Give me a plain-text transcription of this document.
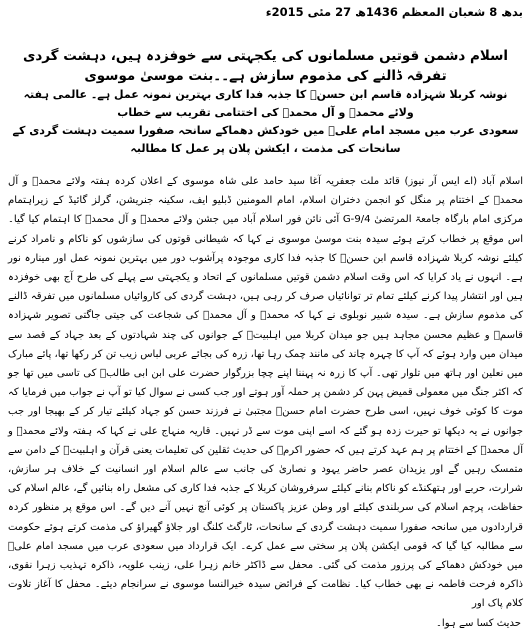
بدھ 8 شعبان المعظم 1436ھ 27 مئی 2015ء
اسلام دشمن قوتیں مسلمانوں کی یکجہتی سے خوفزدہ ہیں، دہشت گردی تفرقہ ڈالنے کی مذموم سازش ہے۔۔بنت موسیٰ موسوی

نوشہ کربلا شہزادہ قاسم ابن حسنؑ کا جذبہ فدا کاری بہترین نمونہ عمل ہے۔ عالمی ہفتہ ولائے محمدؐ و آل محمدؐ کی اختتامی تقریب سے خطاب

سعودی عرب میں مسجد امام علیؑ میں خودکش دھماکے سانحہ صفورا سمیت دہشت گردی کے سانحات کی مذمت ، ایکشن پلان پر عمل کا مطالبہ

اسلام آباد (اے ایس آر نیوز) قائد ملت جعفریہ آغا سید حامد علی شاہ موسوی کے اعلان کردہ ہفتہ ولائے محمدؐ و آل محمدؐ کے اختتام پر منگل کو انجمن دختران اسلام، امام المومنین ڈبلیو ایف، سکینہ جنریشن، گرلز گائیڈ کے زیراہتمام مرکزی امام بارگاہ جامعۃ المرتضیٰ G-9/4 آئی نائن فور اسلام آباد میں جشن ولائے محمدؐ و آل محمدؐ کا اہتمام کیا گیا۔ اس موقع پر خطاب کرتے ہوئے سیدہ بنت موسیٰ موسوی نے کہا کہ شیطانی قوتوں کی سازشوں کو ناکام و نامراد کرنے کیلئے نوشہ کربلا شہزادہ قاسم ابن حسنؑ کا جذبہ فدا کاری موجودہ پرآشوب دور میں بہترین نمونہ عمل اور مینارہ نور ہے۔ انہوں نے یاد کرایا کہ اس وقت اسلام دشمن قوتیں مسلمانوں کے اتحاد و یکجہتی سے پہلے کی طرح آج بھی خوفزدہ ہیں اور انتشار پیدا کرنے کیلئے تمام تر توانائیاں صرف کر رہی ہیں، دہشت گردی کی کاروائیاں مسلمانوں میں تفرقہ ڈالنے کی مذموم سازش ہے۔ سیدہ شبیر نوبلوی نے کہا کہ محمدؐ و آل محمدؐ کی شجاعت کی جیتی جاگتی تصویر شہزادہ قاسمؑ و عظیم محسن مجاہد ہیں جو میدان کربلا میں اہلبیتؑ کے جوانوں کی چند شہادتوں کے بعد جہاد کے قصد سے میدان میں وارد ہوئے کہ آپ کا چہرہ چاند کی مانند چمک رہا تھا، زرہ کی بجائے عربی لباس زیب تن کر رکھا تھا، پائے مبارک میں نعلین اور ہاتھ میں تلوار تھی۔ آپ کا زرہ نہ پہننا اپنے چچا بزرگوار حضرت علی ابن ابی طالبؑ کی تاسی میں تھا جو کہ اکثر جنگ میں معمولی قمیض پہن کر دشمن پر حملہ آور ہوتے اور جب کسی نے سوال کیا تو آپ نے جواب میں فرمایا کہ موت کا کوئی خوف نہیں، اسی طرح حضرت امام حسنؑ مجتبیٰ نے فرزند حسن کو جہاد کیلئے تیار کر کے بھیجا اور جب جوانوں نے یہ دیکھا تو حیرت زدہ ہو گئے کہ اسے اپنی موت سے ڈر نہیں۔ قاریہ منہاج علی نے کہا کہ ہفتہ ولائے محمدؐ و آل محمدؐ کے اختتام پر ہم عہد کرتے ہیں کہ حضور اکرمؐ کی حدیث ثقلین کی تعلیمات یعنی قرآن و اہلبیتؑ کے دامن سے متمسک رہیں گے اور یزیدان عصر حاضر یہود و نصاریٰ کی جانب سے عالم اسلام اور انسانیت کے خلاف ہر سازش، شرارت، حربے اور ہتھکنڈے کو ناکام بنانے کیلئے سرفروشان کربلا کے جذبہ فدا کاری کی مشعل راہ بنائیں گے، عالم اسلام کی حفاظت، پرچم اسلام کی سربلندی کیلئے اور وطن عزیز پاکستان پر کوئی آنچ نہیں آنے دیں گے۔ اس موقع پر منظور کردہ قراردادوں میں سانحہ صفورا سمیت دہشت گردی کے سانحات، ٹارگٹ کلنگ اور جلاؤ گھیراؤ کی مذمت کرتے ہوئے حکومت سے مطالبہ کیا گیا کہ قومی ایکشن پلان پر سختی سے عمل کرے۔ ایک قرارداد میں سعودی عرب میں مسجد امام علیؑ میں خودکش دھماکے کی پرزور مذمت کی گئی۔ محفل سے ڈاکٹر خانم زہرا علی، زینب علویہ، ذاکرہ تہذیب زہرا نقوی، ذاکرہ فرحت فاطمہ نے بھی خطاب کیا۔ نظامت کے فرائض سیدہ خیرالنسا موسوی نے سرانجام دیئے۔ محفل کا آغاز تلاوت کلام پاک اور

حدیث کسا سے ہوا۔
